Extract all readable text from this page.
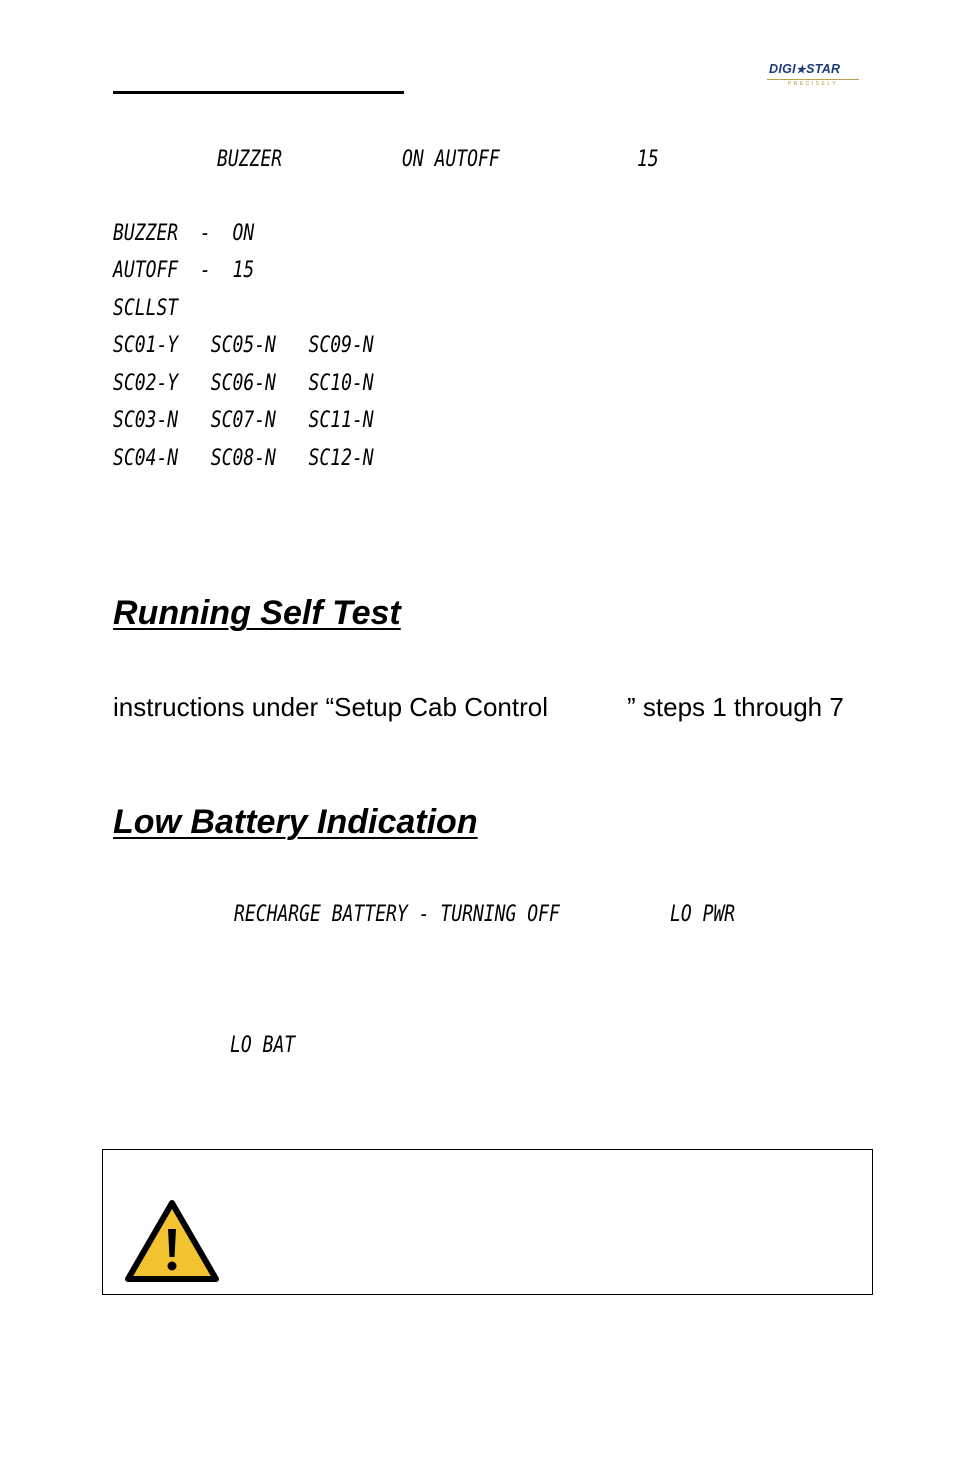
DIGI★STAR
PRECISELY
BUZZER	ON AUTOFF	15
BUZZER  -  ON
AUTOFF  -  15
SCLLST
SC01-Y   SC05-N   SC09-N
SC02-Y   SC06-N   SC10-N
SC03-N   SC07-N   SC11-N
SC04-N   SC08-N   SC12-N
Running Self Test
instructions under “Setup Cab Control	” steps 1 through 7
Low Battery Indication
RECHARGE BATTERY - TURNING OFF	LO PWR
LO BAT
